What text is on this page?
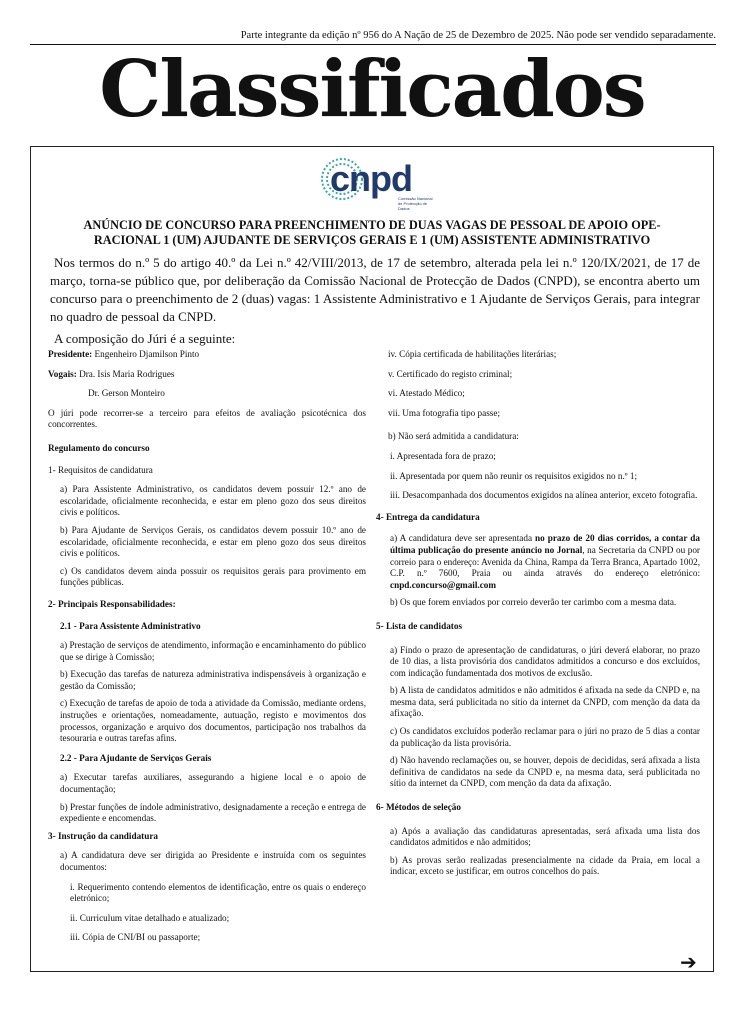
Parte integrante da edição nº 956 do A Nação de 25 de Dezembro de 2025. Não pode ser vendido separadamente.
Classificados
cnpd
Comissão Nacional de Protecção de Dados
ANÚNCIO DE CONCURSO PARA PREENCHIMENTO DE DUAS VAGAS DE PESSOAL DE APOIO OPE-RACIONAL 1 (UM) AJUDANTE DE SERVIÇOS GERAIS E 1 (UM) ASSISTENTE ADMINISTRATIVO

Nos termos do n.º 5 do artigo 40.º da Lei n.º 42/VIII/2013, de 17 de setembro, alterada pela lei n.º 120/IX/2021, de 17 de março, torna-se público que, por deliberação da Comissão Nacional de Protecção de Dados (CNPD), se encontra aberto um concurso para o preenchimento de 2 (duas) vagas: 1 Assistente Administrativo e 1 Ajudante de Serviços Gerais, para integrar no quadro de pessoal da CNPD.

A composição do Júri é a seguinte:

Presidente: Engenheiro Djamilson Pinto

Vogais: Dra. Isis Maria Rodrigues

Dr. Gerson Monteiro

O júri pode recorrer-se a terceiro para efeitos de avaliação psicotécnica dos concorrentes.

Regulamento do concurso

1- Requisitos de candidatura

a) Para Assistente Administrativo, os candidatos devem possuir 12.º ano de escolaridade, oficialmente reconhecida, e estar em pleno gozo dos seus direitos civis e políticos.

b) Para Ajudante de Serviços Gerais, os candidatos devem possuir 10.º ano de escolaridade, oficialmente reconhecida, e estar em pleno gozo dos seus direitos civis e políticos.

c) Os candidatos devem ainda possuir os requisitos gerais para provimento em funções públicas.

2- Principais Responsabilidades:

2.1 - Para Assistente Administrativo

a) Prestação de serviços de atendimento, informação e encaminhamento do público que se dirige à Comissão;

b) Execução das tarefas de natureza administrativa indispensáveis à organização e gestão da Comissão;

c) Execução de tarefas de apoio de toda a atividade da Comissão, mediante ordens, instruções e orientações, nomeadamente, autuação, registo e movimentos dos processos, organização e arquivo dos documentos, participação nos trabalhos da tesouraria e outras tarefas afins.

2.2 - Para Ajudante de Serviços Gerais

a) Executar tarefas auxiliares, assegurando a higiene local e o apoio de documentação;

b) Prestar funções de índole administrativo, designadamente a receção e entrega de expediente e encomendas.

3- Instrução da candidatura

a) A candidatura deve ser dirigida ao Presidente e instruída com os seguintes documentos:

i. Requerimento contendo elementos de identificação, entre os quais o endereço eletrónico;

ii. Curriculum vitae detalhado e atualizado;

iii. Cópia de CNI/BI ou passaporte;

iv. Cópia certificada de habilitações literárias;

v. Certificado do registo criminal;

vi. Atestado Médico;

vii. Uma fotografia tipo passe;

b) Não será admitida a candidatura:

i. Apresentada fora de prazo;

ii. Apresentada por quem não reunir os requisitos exigidos no n.º 1;

iii. Desacompanhada dos documentos exigidos na alínea anterior, exceto fotografia.

4- Entrega da candidatura

a) A candidatura deve ser apresentada no prazo de 20 dias corridos, a contar da última publicação do presente anúncio no Jornal, na Secretaria da CNPD ou por correio para o endereço: Avenida da China, Rampa da Terra Branca, Apartado 1002, C.P. n.º 7600, Praia ou ainda através do endereço eletrónico: cnpd.concurso@gmail.com

b) Os que forem enviados por correio deverão ter carimbo com a mesma data.

5- Lista de candidatos

a) Findo o prazo de apresentação de candidaturas, o júri deverá elaborar, no prazo de 10 dias, a lista provisória dos candidatos admitidos a concurso e dos excluídos, com indicação fundamentada dos motivos de exclusão.

b) A lista de candidatos admitidos e não admitidos é afixada na sede da CNPD e, na mesma data, será publicitada no sítio da internet da CNPD, com menção da data da afixação.

c) Os candidatos excluídos poderão reclamar para o júri no prazo de 5 dias a contar da publicação da lista provisória.

d) Não havendo reclamações ou, se houver, depois de decididas, será afixada a lista definitiva de candidatos na sede da CNPD e, na mesma data, será publicitada no sítio da internet da CNPD, com menção da data da afixação.

6- Métodos de seleção

a) Após a avaliação das candidaturas apresentadas, será afixada uma lista dos candidatos admitidos e não admitidos;

b) As provas serão realizadas presencialmente na cidade da Praia, em local a indicar, exceto se justificar, em outros concelhos do país.

➔
